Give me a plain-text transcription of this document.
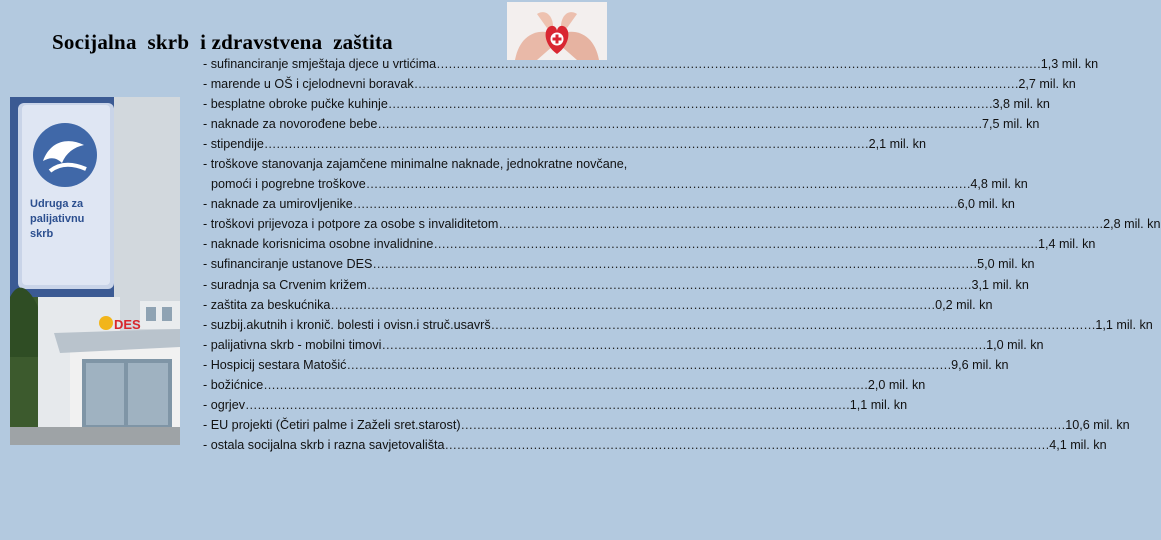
Socijalna  skrb  i zdravstvena  zaštita
Udruga za
palijativnu
skrb
DES
- sufinanciranje smještaja djece u vrtićima ……………………………………………………………………………………………………………………………………	1,3 mil. kn
- marende u OŠ i cjelodnevni boravak ……………………………………………………………………………………………………………………………………	2,7 mil. kn
- besplatne obroke pučke kuhinje ……………………………………………………………………………………………………………………………………	3,8 mil. kn
- naknade za novorođene bebe ……………………………………………………………………………………………………………………………………	7,5 mil. kn
- stipendije ……………………………………………………………………………………………………………………………………	2,1 mil. kn
- troškove stanovanja zajamčene minimalne naknade, jednokratne novčane,
pomoći i pogrebne troškove ……………………………………………………………………………………………………………………………………	4,8 mil. kn
- naknade za umirovljenike ……………………………………………………………………………………………………………………………………	6,0 mil. kn
- troškovi prijevoza i potpore za osobe s invaliditetom ……………………………………………………………………………………………………………………………………	2,8 mil. kn
- naknade korisnicima osobne invalidnine ……………………………………………………………………………………………………………………………………	1,4 mil. kn
- sufinanciranje ustanove DES ……………………………………………………………………………………………………………………………………	5,0 mil. kn
- suradnja sa Crvenim križem ……………………………………………………………………………………………………………………………………	3,1 mil. kn
- zaštita za beskućnika ……………………………………………………………………………………………………………………………………	0,2 mil. kn
- suzbij.akutnih i kronič. bolesti i ovisn.i struč.usavrš ……………………………………………………………………………………………………………………………………	1,1 mil. kn
- palijativna skrb - mobilni timovi ……………………………………………………………………………………………………………………………………	1,0 mil. kn
- Hospicij sestara Matošić ……………………………………………………………………………………………………………………………………	9,6 mil. kn
- božićnice ……………………………………………………………………………………………………………………………………	2,0 mil. kn
- ogrjev ……………………………………………………………………………………………………………………………………	1,1 mil. kn
- EU projekti (Četiri palme i Zaželi sret.starost) ……………………………………………………………………………………………………………………………………	10,6 mil. kn
- ostala socijalna skrb i razna savjetovališta ……………………………………………………………………………………………………………………………………	4,1 mil. kn
